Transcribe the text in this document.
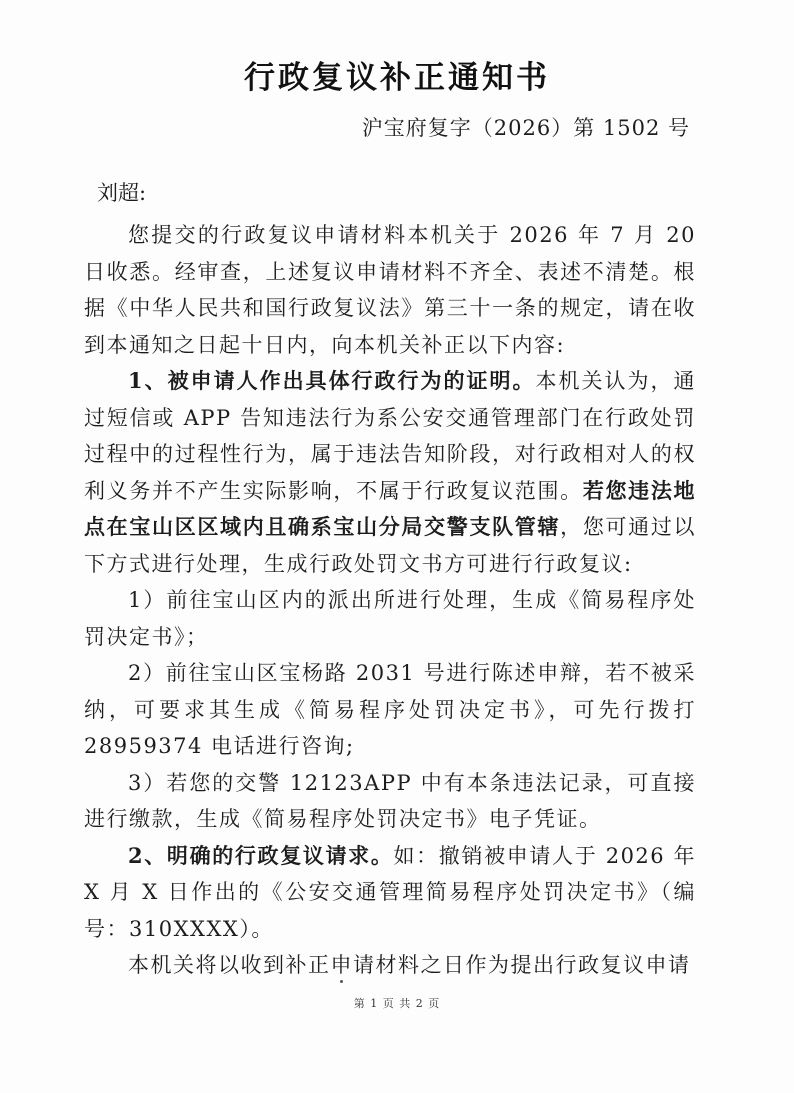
行政复议补正通知书
沪宝府复字（2026）第 1502 号
刘超:

您提交的行政复议申请材料本机关于 2026 年 7 月 20 日收悉。经审查，上述复议申请材料不齐全、表述不清楚。根据《中华人民共和国行政复议法》第三十一条的规定，请在收到本通知之日起十日内，向本机关补正以下内容:

1、被申请人作出具体行政行为的证明。本机关认为，通过短信或 APP 告知违法行为系公安交通管理部门在行政处罚过程中的过程性行为，属于违法告知阶段，对行政相对人的权利义务并不产生实际影响，不属于行政复议范围。若您违法地点在宝山区区域内且确系宝山分局交警支队管辖，您可通过以下方式进行处理，生成行政处罚文书方可进行行政复议:

1）前往宝山区内的派出所进行处理，生成《简易程序处罚决定书》；

2）前往宝山区宝杨路 2031 号进行陈述申辩，若不被采纳，可要求其生成《简易程序处罚决定书》，可先行拨打 28959374 电话进行咨询;

3）若您的交警 12123APP 中有本条违法记录，可直接进行缴款，生成《简易程序处罚决定书》电子凭证。

2、明确的行政复议请求。如：撤销被申请人于 2026 年 X 月 X 日作出的《公安交通管理简易程序处罚决定书》（编号：310XXXX）。

本机关将以收到补正申请材料之日作为提出行政复议申请

第 1 页 共 2 页
